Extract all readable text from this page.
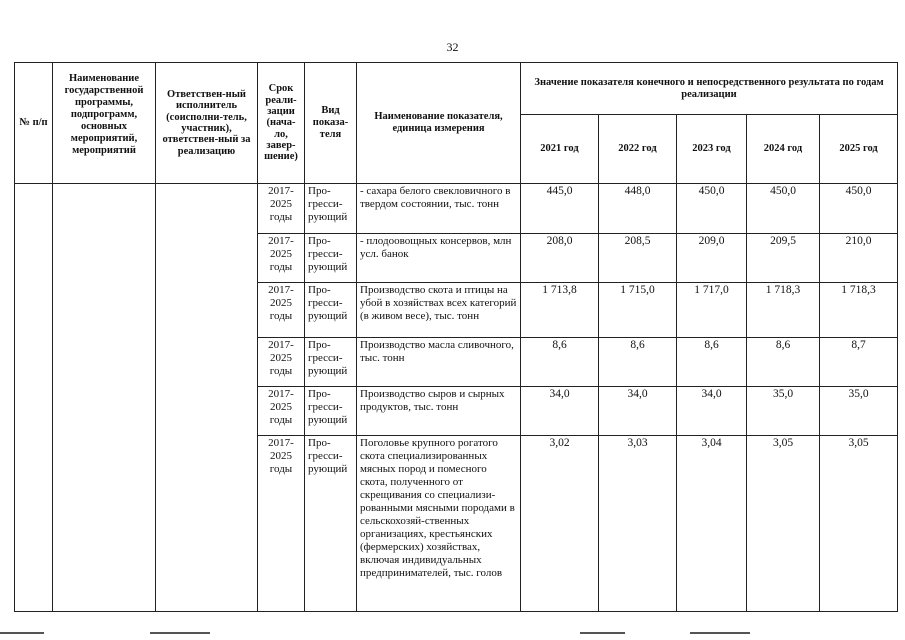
32
№ п/п	Наименование государственной программы, подпрограмм, основных мероприятий, мероприятий	Ответствен-ный исполнитель (соисполни-тель, участник), ответствен-ный за реализацию	Срок реали-зации (нача-ло, завер-шение)	Вид показа-теля	Наименование показателя, единица измерения	Значение показателя конечного и непосредственного результата по годам реализации				
						2021 год	2022 год	2023 год	2024 год	2025 год
			2017-2025 годы	Про-гресси-рующий	- сахара белого свекловичного в твердом состоянии, тыс. тонн	445,0	448,0	450,0	450,0	450,0
			2017-2025 годы	Про-гресси-рующий	- плодоовощных консервов, млн усл. банок	208,0	208,5	209,0	209,5	210,0
			2017-2025 годы	Про-гресси-рующий	Производство скота и птицы на убой в хозяйствах всех категорий (в живом весе), тыс. тонн	1 713,8	1 715,0	1 717,0	1 718,3	1 718,3
			2017-2025 годы	Про-гресси-рующий	Производство масла сливочного, тыс. тонн	8,6	8,6	8,6	8,6	8,7
			2017-2025 годы	Про-гресси-рующий	Производство сыров и сырных продуктов, тыс. тонн	34,0	34,0	34,0	35,0	35,0
			2017-2025 годы	Про-гресси-рующий	Поголовье крупного рогатого скота специализированных мясных пород и помесного скота, полученного от скрещивания со специализи-рованными мясными породами в сельскохозяй-ственных организациях, крестьянских (фермерских) хозяйствах, включая индивидуальных предпринимателей, тыс. голов	3,02	3,03	3,04	3,05	3,05
